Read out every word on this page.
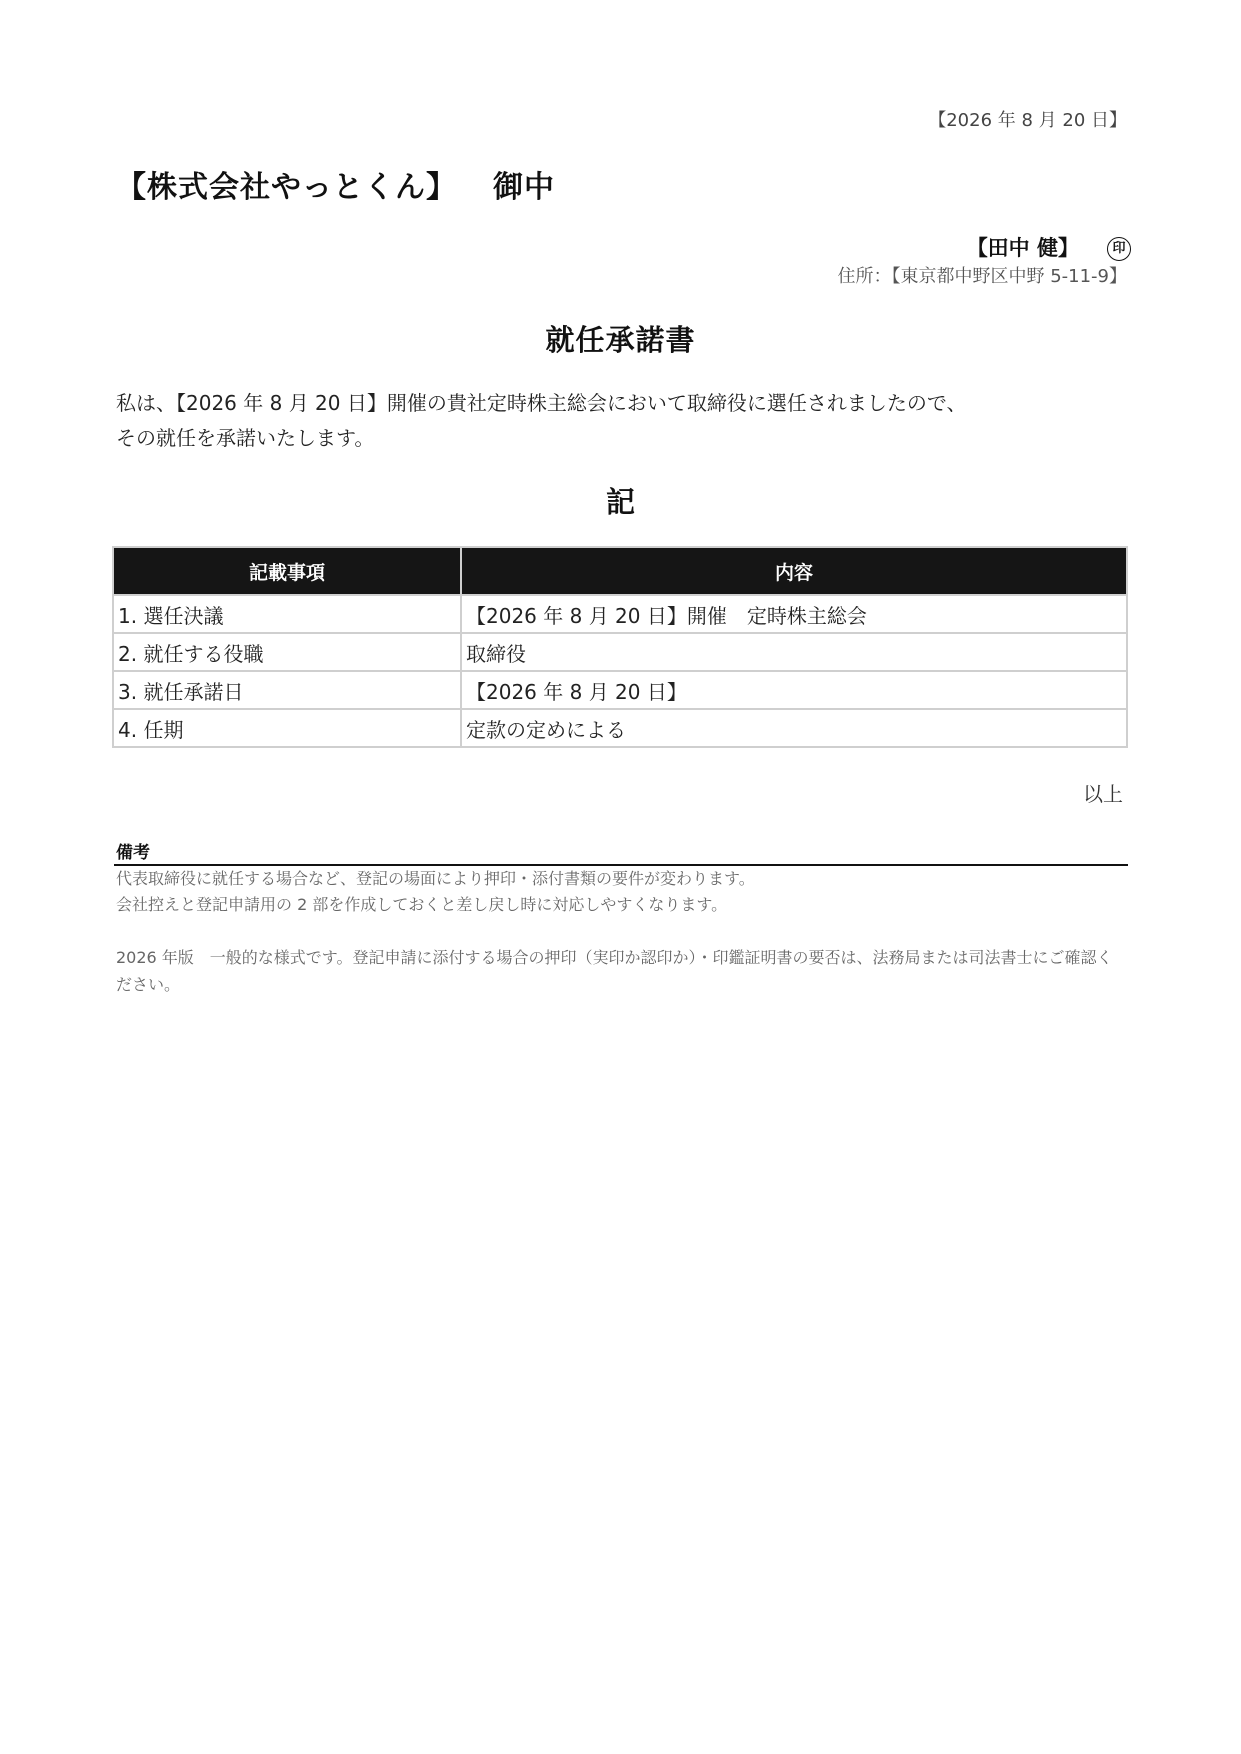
【2026 年 8 月 20 日】
【株式会社やっとくん】 御中
【田中 健】	印
住所：【東京都中野区中野 5-11-9】
就任承諾書
私は、【2026 年 8 月 20 日】開催の貴社定時株主総会において取締役に選任されましたので、
その就任を承諾いたします。
記
記載事項	内容
1. 選任決議	【2026 年 8 月 20 日】開催　定時株主総会
2. 就任する役職	取締役
3. 就任承諾日	【2026 年 8 月 20 日】
4. 任期	定款の定めによる
以上
備考
代表取締役に就任する場合など、登記の場面により押印・添付書類の要件が変わります。
会社控えと登記申請用の 2 部を作成しておくと差し戻し時に対応しやすくなります。
2026 年版　一般的な様式です。登記申請に添付する場合の押印（実印か認印か）・印鑑証明書の要否は、法務局または司法書士にご確認ください。
